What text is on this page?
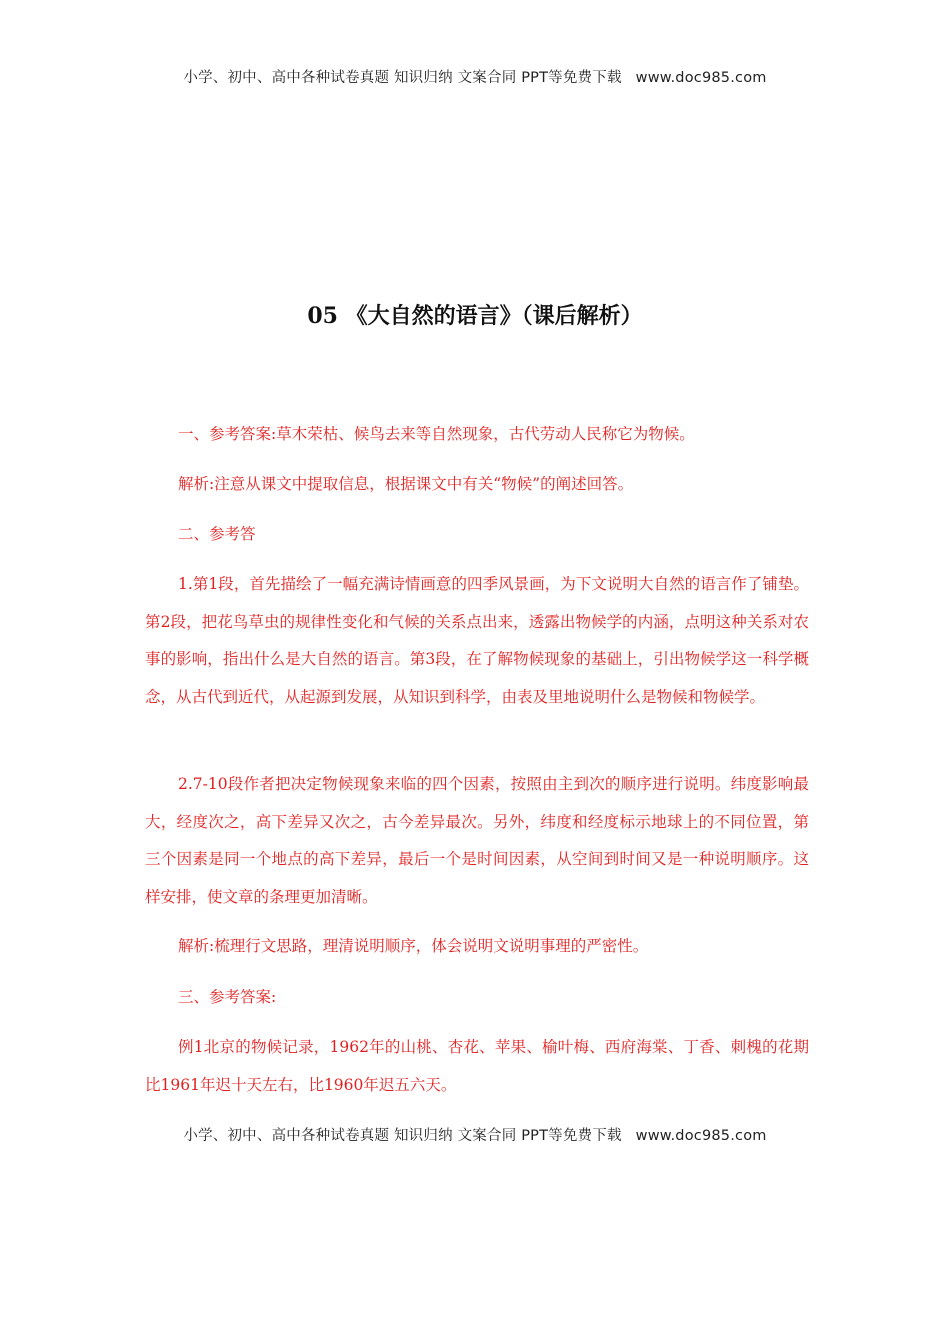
小学、初中、高中各种试卷真题 知识归纳 文案合同 PPT等免费下载 www.doc985.com
05 《大自然的语言》（课后解析）

一、参考答案:草木荣枯、候鸟去来等自然现象，古代劳动人民称它为物候。

解析:注意从课文中提取信息，根据课文中有关“物候”的阐述回答。

二、参考答

1.第1段，首先描绘了一幅充满诗情画意的四季风景画，为下文说明大自然的语言作了铺垫。第2段，把花鸟草虫的规律性变化和气候的关系点出来，透露出物候学的内涵，点明这种关系对农事的影响，指出什么是大自然的语言。第3段，在了解物候现象的基础上，引出物候学这一科学概念，从古代到近代，从起源到发展，从知识到科学，由表及里地说明什么是物候和物候学。

2.7-10段作者把决定物候现象来临的四个因素，按照由主到次的顺序进行说明。纬度影响最大，经度次之，高下差异又次之，古今差异最次。另外，纬度和经度标示地球上的不同位置，第三个因素是同一个地点的高下差异，最后一个是时间因素，从空间到时间又是一种说明顺序。这样安排，使文章的条理更加清晰。

解析:梳理行文思路，理清说明顺序，体会说明文说明事理的严密性。

三、参考答案:

例1北京的物候记录，1962年的山桃、杏花、苹果、榆叶梅、西府海棠、丁香、刺槐的花期比1961年迟十天左右，比1960年迟五六天。

小学、初中、高中各种试卷真题 知识归纳 文案合同 PPT等免费下载 www.doc985.com
